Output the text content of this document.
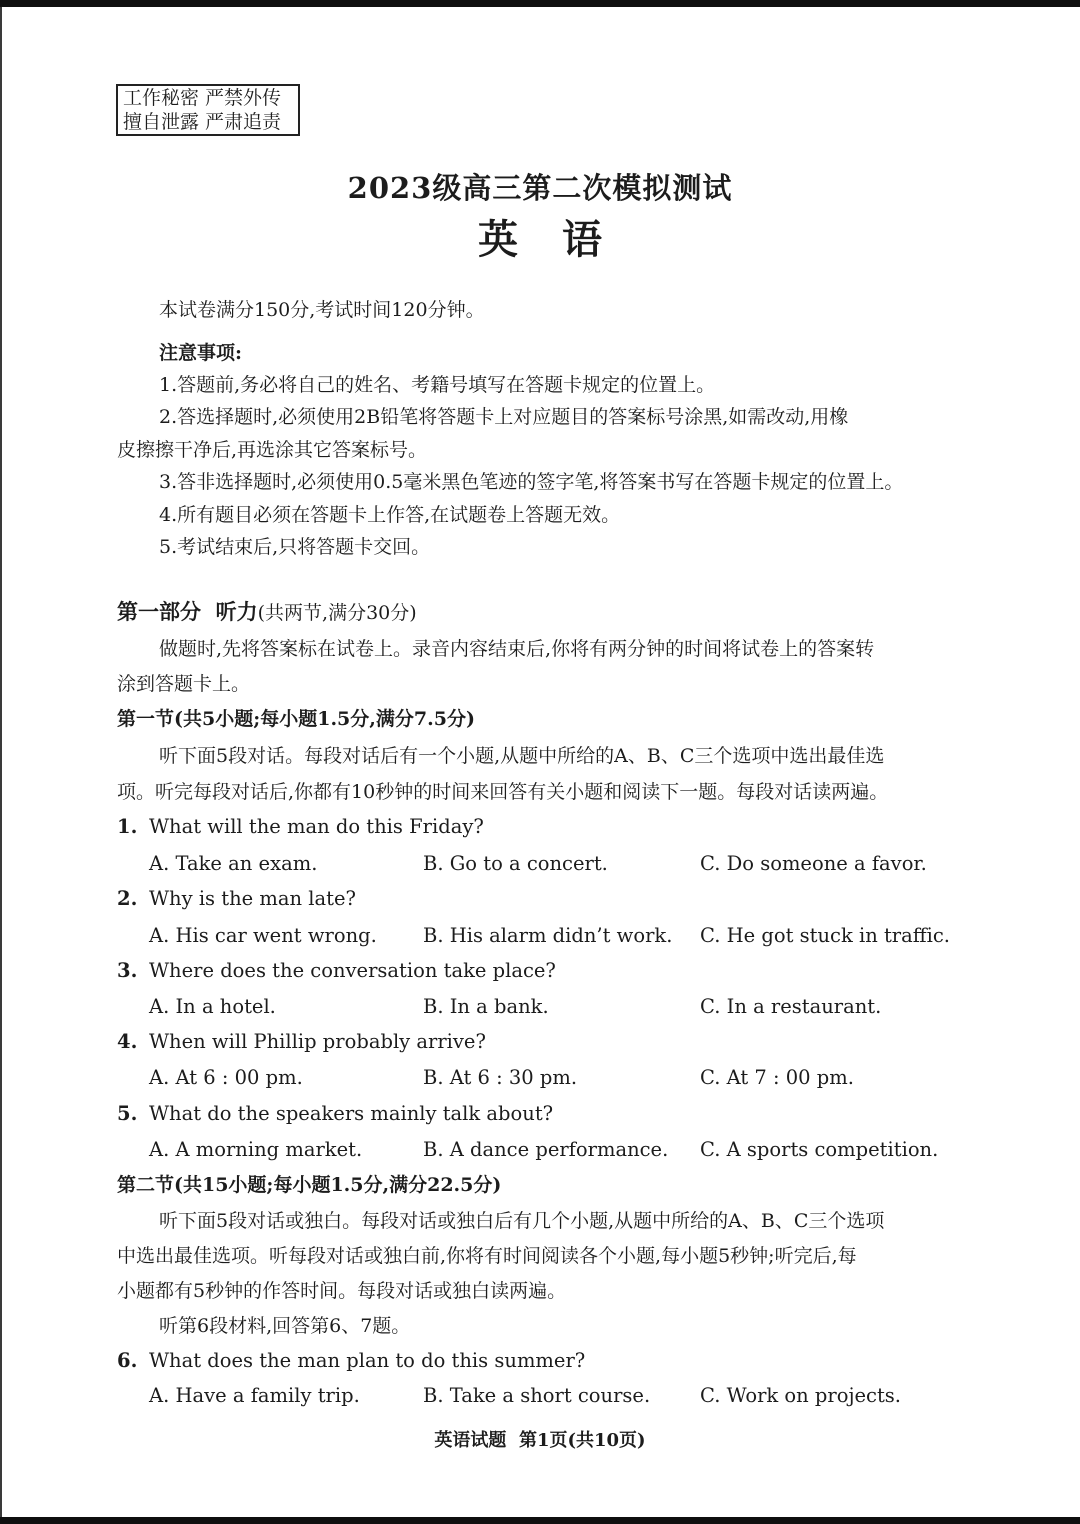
工作秘密 严禁外传
擅自泄露 严肃追责
2023级高三第二次模拟测试
英语
本试卷满分150分,考试时间120分钟。
注意事项:
1.答题前,务必将自己的姓名、考籍号填写在答题卡规定的位置上。
2.答选择题时,必须使用2B铅笔将答题卡上对应题目的答案标号涂黑,如需改动,用橡
皮擦擦干净后,再选涂其它答案标号。
3.答非选择题时,必须使用0.5毫米黑色笔迹的签字笔,将答案书写在答题卡规定的位置上。
4.所有题目必须在答题卡上作答,在试题卷上答题无效。
5.考试结束后,只将答题卡交回。
第一部分  听力(共两节,满分30分)
做题时,先将答案标在试卷上。录音内容结束后,你将有两分钟的时间将试卷上的答案转
涂到答题卡上。
第一节(共5小题;每小题1.5分,满分7.5分)
听下面5段对话。每段对话后有一个小题,从题中所给的A、B、C三个选项中选出最佳选
项。听完每段对话后,你都有10秒钟的时间来回答有关小题和阅读下一题。每段对话读两遍。
1. What will the man do this Friday?
A. Take an exam.	B. Go to a concert.	C. Do someone a favor.
2. Why is the man late?
A. His car went wrong. B. His alarm didn’t work. C. He got stuck in traffic.
3. Where does the conversation take place?
A. In a hotel.	B. In a bank.	C. In a restaurant.
4. When will Phillip probably arrive?
A. At 6 : 00 pm.	B. At 6 : 30 pm.	C. At 7 : 00 pm.
5. What do the speakers mainly talk about?
A. A morning market.	B. A dance performance. C. A sports competition.
第二节(共15小题;每小题1.5分,满分22.5分)
听下面5段对话或独白。每段对话或独白后有几个小题,从题中所给的A、B、C三个选项
中选出最佳选项。听每段对话或独白前,你将有时间阅读各个小题,每小题5秒钟;听完后,每
小题都有5秒钟的作答时间。每段对话或独白读两遍。
听第6段材料,回答第6、7题。
6. What does the man plan to do this summer?
A. Have a family trip.	B. Take a short course.	C. Work on projects.
英语试题  第1页(共10页)
